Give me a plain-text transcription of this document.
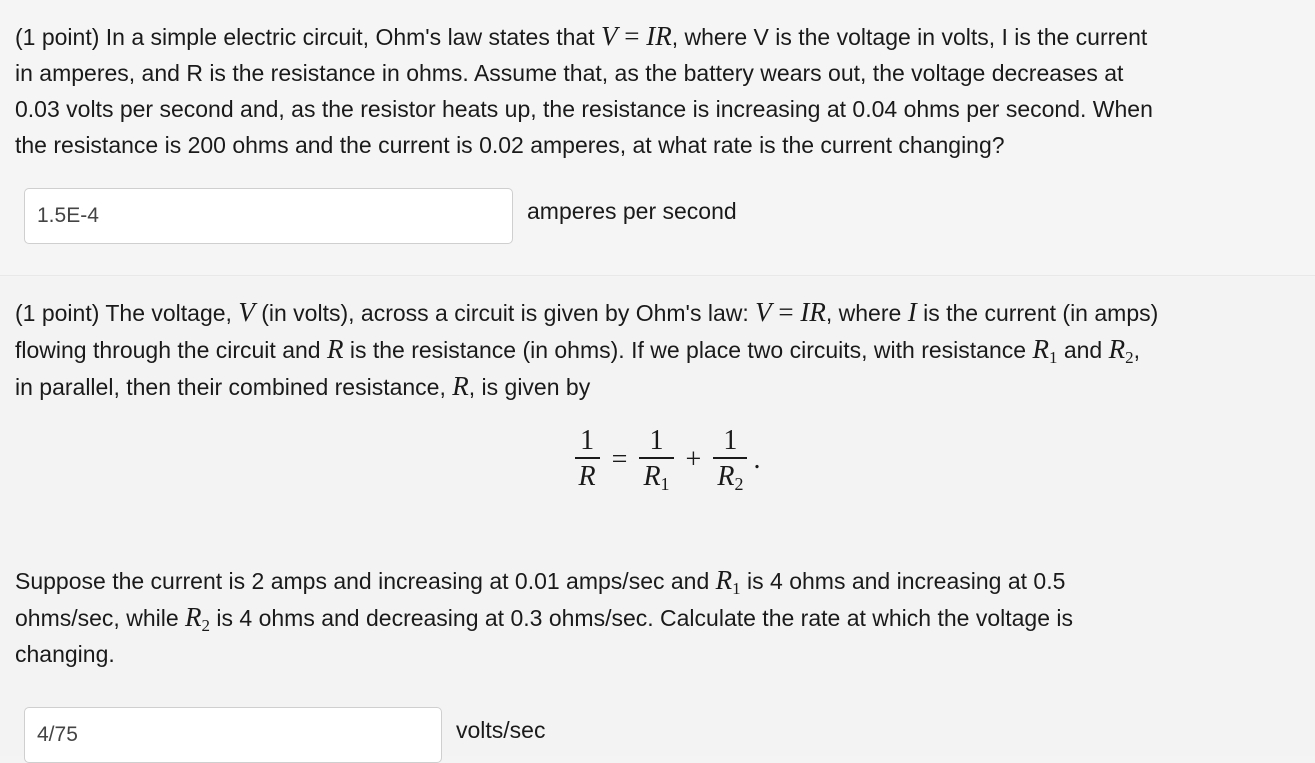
(1 point) In a simple electric circuit, Ohm's law states that V = IR, where V is the voltage in volts, I is the current

in amperes, and R is the resistance in ohms. Assume that, as the battery wears out, the voltage decreases at

0.03 volts per second and, as the resistor heats up, the resistance is increasing at 0.04 ohms per second. When

the resistance is 200 ohms and the current is 0.02 amperes, at what rate is the current changing?

1.5E-4
amperes per second

(1 point) The voltage, V (in volts), across a circuit is given by Ohm's law: V = IR, where I is the current (in amps)

flowing through the circuit and R is the resistance (in ohms). If we place two circuits, with resistance $R_1$ and $R_2$,

in parallel, then their combined resistance, R, is given by

$\frac{1}{R} = \frac{1}{R_1} + \frac{1}{R_2}$ .

Suppose the current is 2 amps and increasing at 0.01 amps/sec and $R_1$ is 4 ohms and increasing at 0.5

ohms/sec, while $R_2$ is 4 ohms and decreasing at 0.3 ohms/sec. Calculate the rate at which the voltage is

changing.

4/75
volts/sec
